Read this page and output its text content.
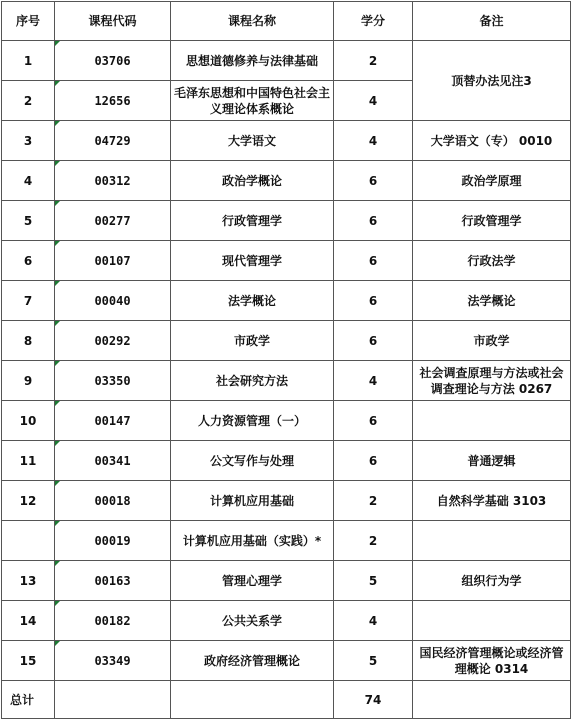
序号	课程代码	课程名称	学分	备注
1	03706	思想道德修养与法律基础	2	顶替办法见注3
2	12656	毛泽东思想和中国特色社会主义理论体系概论	4	
3	04729	大学语文	4	大学语文（专） 0010
4	00312	政治学概论	6	政治学原理
5	00277	行政管理学	6	行政管理学
6	00107	现代管理学	6	行政法学
7	00040	法学概论	6	法学概论
8	00292	市政学	6	市政学
9	03350	社会研究方法	4	社会调查原理与方法或社会调查理论与方法 0267
10	00147	人力资源管理（一）	6	
11	00341	公文写作与处理	6	普通逻辑
12	00018	计算机应用基础	2	自然科学基础 3103
	00019	计算机应用基础（实践）*	2	
13	00163	管理心理学	5	组织行为学
14	00182	公共关系学	4	
15	03349	政府经济管理概论	5	国民经济管理概论或经济管理概论 0314
总计			74	
